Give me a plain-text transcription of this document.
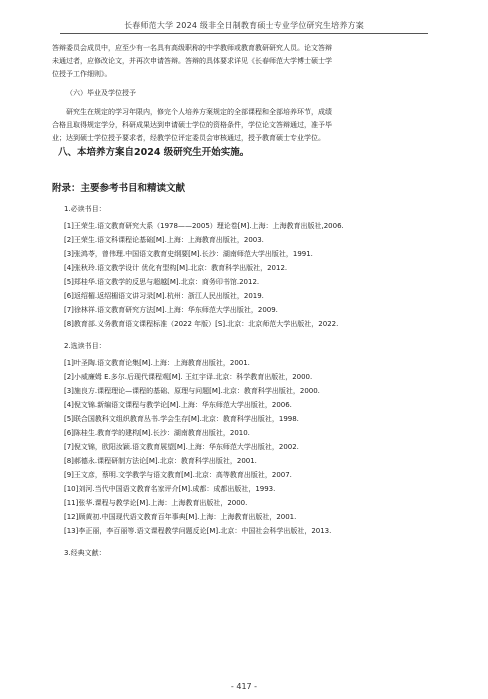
长春师范大学 2024 级非全日制教育硕士专业学位研究生培养方案

答辩委员会成员中，应至少有一名具有高级职称的中学教师或教育教研研究人员。论文答辩

未通过者，应修改论文，并再次申请答辩。答辩的具体要求详见《长春师范大学博士硕士学

位授予工作细则》。

（六）毕业及学位授予

研究生在规定的学习年限内，修完个人培养方案规定的全部课程和全部培养环节，成绩

合格且取得规定学分，科研成果达到申请硕士学位的资格条件，学位论文答辩通过，准予毕

业；达到硕士学位授予要求者，经教学位评定委员会审核通过，授予教育硕士专业学位。

八、本培养方案自2024 级研究生开始实施。

附录：主要参考书目和精读文献

1.必读书目：

[1]王荣生.语文教育研究大系（1978——2005）理论卷[M].上海：上海教育出版社,2006.

[2]王荣生.语文科课程论基础[M].上海：上海教育出版社，2003.

[3]张鸿苓，曾伟理.中国语文教育史纲要[M].长沙：湖南师范大学出版社，1991.

[4]张秋玲.语文教学设计 优化有型构[M].北京：教育科学出版社，2012.

[5]郑桂华.语文教学的反思与超越[M].北京：商务印书馆.2012.

[6]返绍楣.返绍楣语文讲习录[M].杭州：浙江人民出版社，2019.

[7]徐林祥.语文教育研究方法[M].上海：华东师范大学出版社，2009.

[8]教育部.义务教育语文课程标准（2022 年版）[S].北京：北京师范大学出版社，2022.

2.选读书目：

[1]叶圣陶.语文教育论集[M].上海：上海教育出版社，2001.

[2]小威廉姆 E.多尔.后现代课程观[M]. 王红宇译.北京：科学教育出版社，2000.

[3]施良方.课程理论—课程的基础、原理与问题[M].北京：教育科学出版社，2000.

[4]倪文锦.新编语文课程与教学论[M].上海：华东师范大学出版社，2006.

[5]联合国教科文组织教育丛书.学会生存[M].北京：教育科学出版社，1998.

[6]陈桂生.教育学的建构[M].长沙：湖南教育出版社，2010.

[7]倪文锦，欧阳汝颖.语文教育展望[M].上海：华东师范大学出版社，2002.

[8]郝德永.课程研制方法论[M].北京：教育科学出版社，2001.

[9]王文彦，蔡明.文学教学与语文教育[M].北京：高等教育出版社，2007.

[10]刘河.当代中国语文教育名家评介[M].成都：成都出版社，1993.

[11]张华.课程与教学论[M].上海：上海教育出版社，2000.

[12]顾黄初.中国现代语文教育百年事典[M].上海：上海教育出版社，2001.

[13]李正丽，李百丽等.语文课程教学问题反论[M].北京：中国社会科学出版社，2013.

3.经典文献：

- 417 -
